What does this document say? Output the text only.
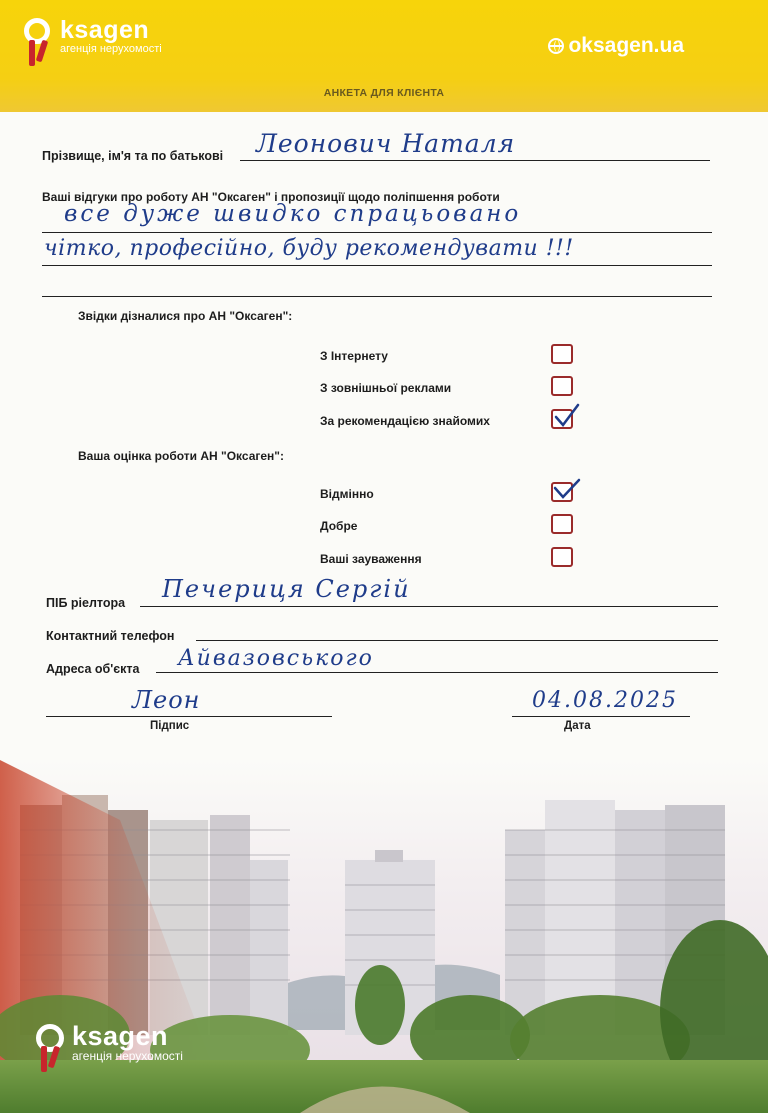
ksagen
агенція нерухомості	oksagen.ua
АНКЕТА ДЛЯ КЛІЄНТА
Прізвище, ім'я та по батькові Леонович Наталя
Ваші відгуки про роботу АН "Оксаген" і пропозиції щодо поліпшення роботи
все дуже швидко спрацьовано
чітко, професійно, буду рекомендувати !!!
Звідки дізналися про АН "Оксаген":
З Інтернету
З зовнішньої реклами
За рекомендацією знайомих
Ваша оцінка роботи АН "Оксаген":
Відмінно
Добре
Ваші зауваження
ПІБ ріелтора Печериця Сергій
Контактний телефон
Адреса об'єкта Айвазовського
Леон
Підпис
04.08.2025
Дата
ksagen
агенція нерухомості
